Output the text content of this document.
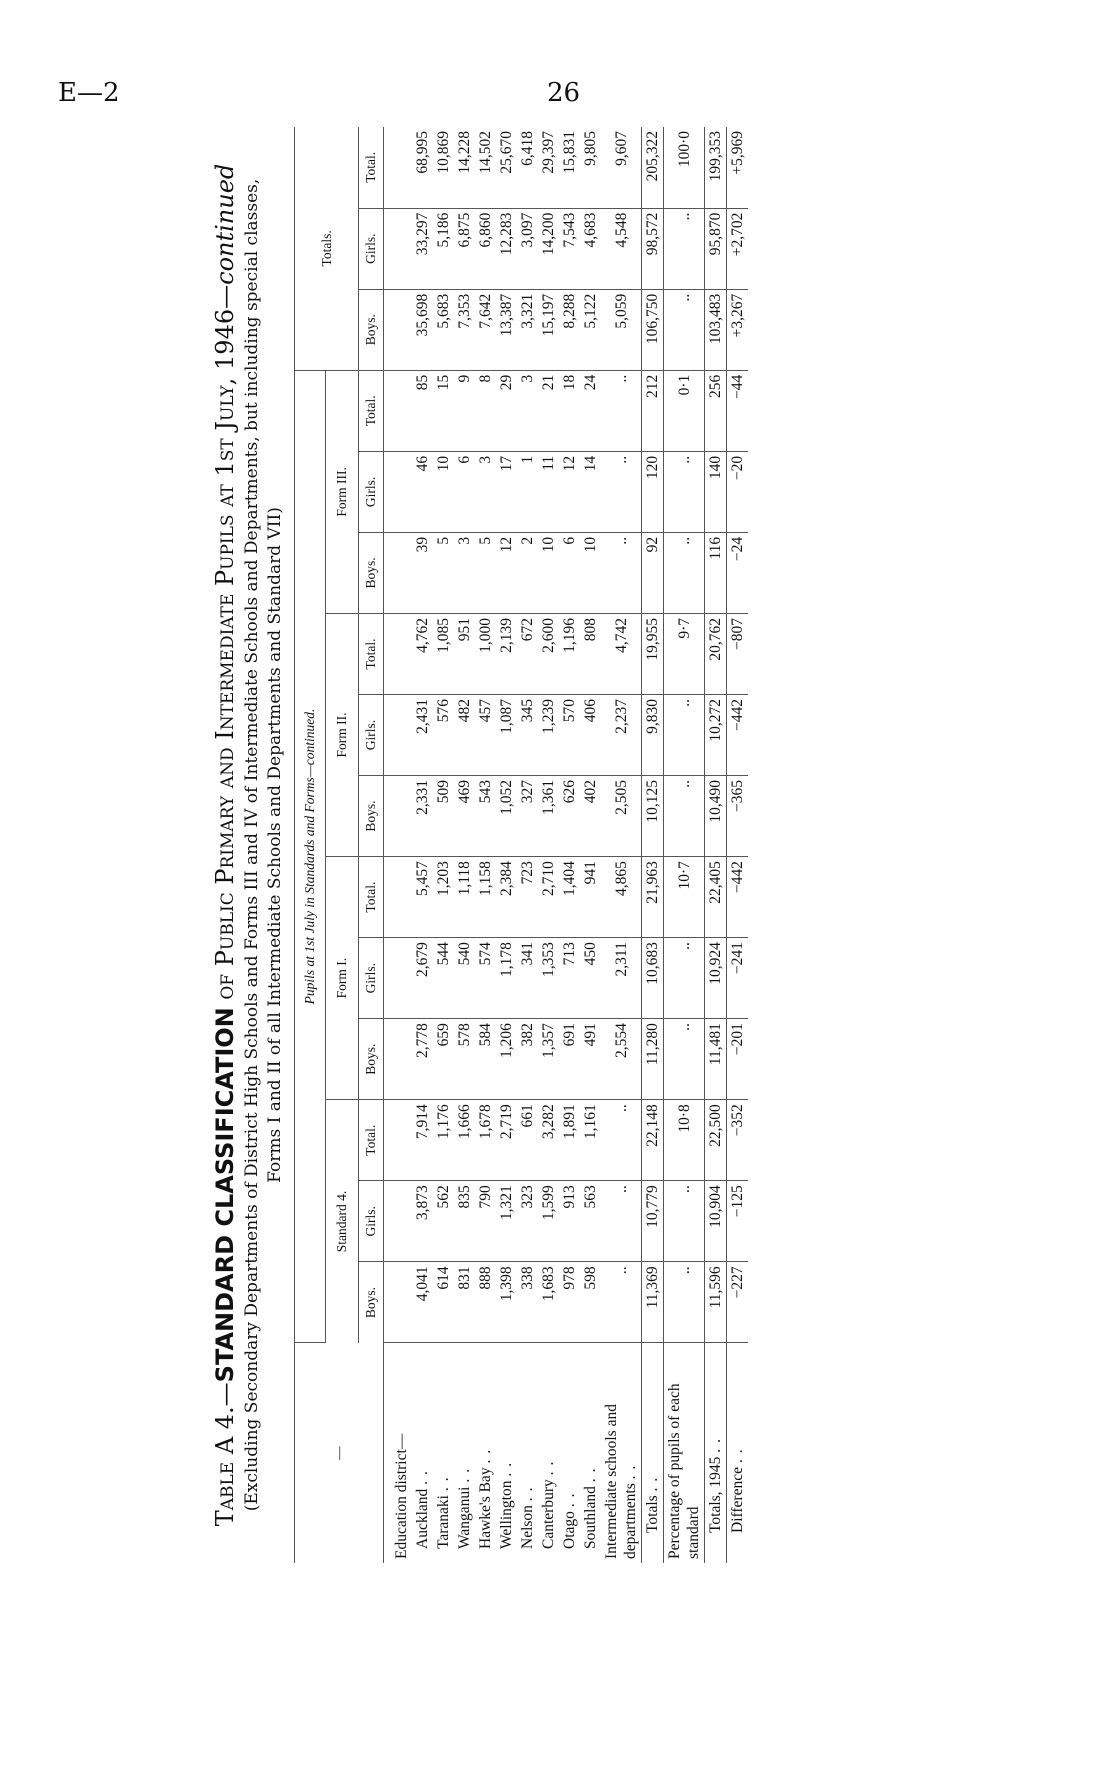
E—2	26

Table A 4.—STANDARD CLASSIFICATION of Public Primary and Intermediate Pupils at 1st July, 1946—continued (Excluding Secondary Departments of District High Schools and Forms III and IV of Intermediate Schools and Departments, but including special classes, Forms I and II of all Intermediate Schools and Departments and Standard VII)

—	Pupils at 1st July in Standards and Forms—continued.												Totals.		
	Standard 4.			Form I.			Form II.			Form III.					
	Boys.	Girls.	Total.	Boys.	Girls.	Total.	Boys.	Girls.	Total.	Boys.	Girls.	Total.	Boys.	Girls.	Total.
Education district—															
Auckland ..	4,041	3,873	7,914	2,778	2,679	5,457	2,331	2,431	4,762	39	46	85	35,698	33,297	68,995
Taranaki ..	614	562	1,176	659	544	1,203	509	576	1,085	5	10	15	5,683	5,186	10,869
Wanganui ..	831	835	1,666	578	540	1,118	469	482	951	3	6	9	7,353	6,875	14,228
Hawke's Bay ..	888	790	1,678	584	574	1,158	543	457	1,000	5	3	8	7,642	6,860	14,502
Wellington ..	1,398	1,321	2,719	1,206	1,178	2,384	1,052	1,087	2,139	12	17	29	13,387	12,283	25,670
Nelson ..	338	323	661	382	341	723	327	345	672	2	1	3	3,321	3,097	6,418
Canterbury ..	1,683	1,599	3,282	1,357	1,353	2,710	1,361	1,239	2,600	10	11	21	15,197	14,200	29,397
Otago ..	978	913	1,891	691	713	1,404	626	570	1,196	6	12	18	8,288	7,543	15,831
Southland ..	598	563	1,161	491	450	941	402	406	808	10	14	24	5,122	4,683	9,805
Intermediate schools and departments ..	..	..	..	2,554	2,311	4,865	2,505	2,237	4,742	..	..	..	5,059	4,548	9,607
Totals ..	11,369	10,779	22,148	11,280	10,683	21,963	10,125	9,830	19,955	92	120	212	106,750	98,572	205,322
Percentage of pupils of each standard	..	..	10·8	..	..	10·7	..	..	9·7	..	..	0·1	..	..	100·0
Totals, 1945 ..	11,596	10,904	22,500	11,481	10,924	22,405	10,490	10,272	20,762	116	140	256	103,483	95,870	199,353
Difference ..	−227	−125	−352	−201	−241	−442	−365	−442	−807	−24	−20	−44	+3,267	+2,702	+5,969
